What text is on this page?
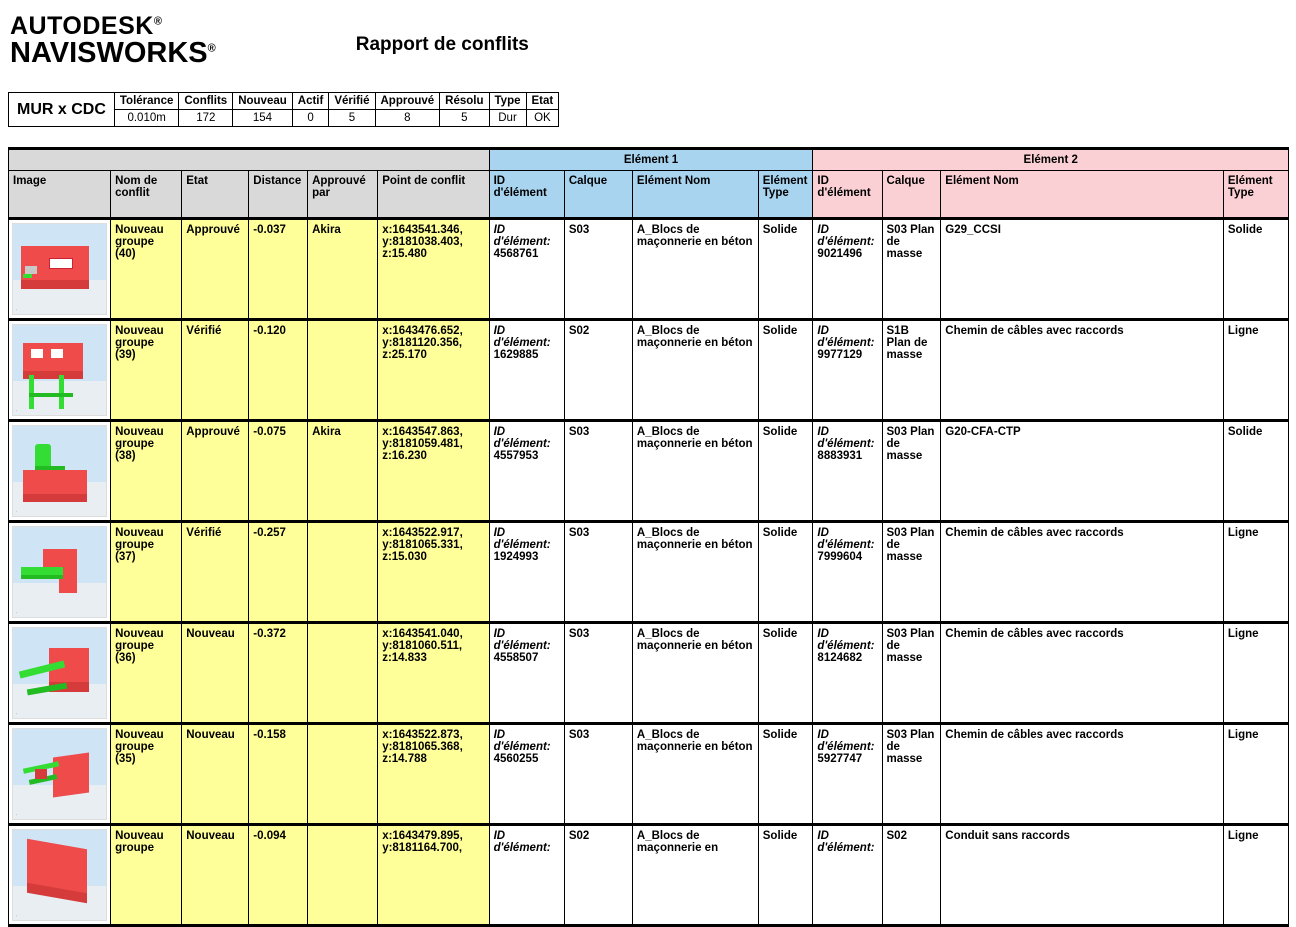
AUTODESK®
NAVISWORKS®	Rapport de conflits
MUR x CDC	Tolérance	Conflits	Nouveau	Actif	Vérifié	Approuvé	Résolu	Type	Etat
	0.010m	172	154	0	5	8	5	Dur	OK
						Elément 1				Elément 2			
Image	Nom de conflit	Etat	Distance	Approuvé par	Point de conflit	ID d'élément	Calque	Elément Nom	Elément Type	ID d'élément	Calque	Elément Nom	Elément Type

·	Nouveau groupe (40)	Approuvé	-0.037	Akira	x:1643541.346, y:8181038.403, z:15.480	ID d'élément: 4568761	S03	A_Blocs de maçonnerie en béton	Solide	ID d'élément: 9021496	S03 Plan de masse	G29_CCSI	Solide

·	Nouveau groupe (39)	Vérifié	-0.120		x:1643476.652, y:8181120.356, z:25.170	ID d'élément: 1629885	S02	A_Blocs de maçonnerie en béton	Solide	ID d'élément: 9977129	S1B Plan de masse	Chemin de câbles avec raccords	Ligne

·	Nouveau groupe (38)	Approuvé	-0.075	Akira	x:1643547.863, y:8181059.481, z:16.230	ID d'élément: 4557953	S03	A_Blocs de maçonnerie en béton	Solide	ID d'élément: 8883931	S03 Plan de masse	G20-CFA-CTP	Solide

·	Nouveau groupe (37)	Vérifié	-0.257		x:1643522.917, y:8181065.331, z:15.030	ID d'élément: 1924993	S03	A_Blocs de maçonnerie en béton	Solide	ID d'élément: 7999604	S03 Plan de masse	Chemin de câbles avec raccords	Ligne

·	Nouveau groupe (36)	Nouveau	-0.372		x:1643541.040, y:8181060.511, z:14.833	ID d'élément: 4558507	S03	A_Blocs de maçonnerie en béton	Solide	ID d'élément: 8124682	S03 Plan de masse	Chemin de câbles avec raccords	Ligne

·	Nouveau groupe (35)	Nouveau	-0.158		x:1643522.873, y:8181065.368, z:14.788	ID d'élément: 4560255	S03	A_Blocs de maçonnerie en béton	Solide	ID d'élément: 5927747	S03 Plan de masse	Chemin de câbles avec raccords	Ligne

·	Nouveau groupe	Nouveau	-0.094		x:1643479.895, y:8181164.700,	ID d'élément:	S02	A_Blocs de maçonnerie en	Solide	ID d'élément:	S02	Conduit sans raccords	Ligne
